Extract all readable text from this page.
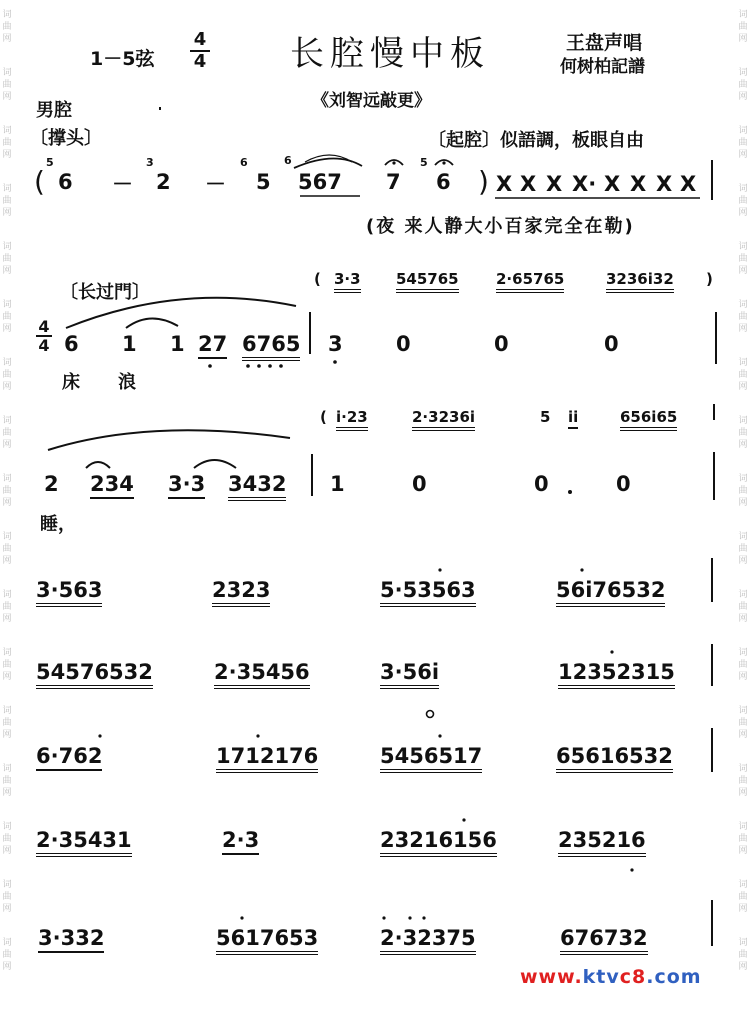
词
曲
网
词
曲
网
词
曲
网
词
曲
网
词
曲
网
词
曲
网
词
曲
网
词
曲
网
词
曲
网
词
曲
网
词
曲
网
词
曲
网
词
曲
网
词
曲
网
词
曲
网
词
曲
网
词
曲
网
词
曲
网
词
曲
网
词
曲
网
词
曲
网
词
曲
网
词
曲
网
词
曲
网
词
曲
网
词
曲
网
词
曲
网
词
曲
网
词
曲
网
词
曲
网
词
曲
网
词
曲
网
词
曲
网
词
曲
网
1－5弦 $\frac{4}{4}$ 长腔慢中板
《刘智远敲更》
王盘声唱
何树柏記譜
男腔
〔撑头〕	〔起腔〕似語調，板眼自由
(
5
6 －
3
2 －
6
5
6
567 7
5
6 ) X X X X· X X X X
(夜 来人静大小百家完全在勒)
〔长过門〕
( 3·3 545765 2·65765	3236i32 )
$\frac{4}{4} 6$ 1 1 27 6765 3	0	0	0
床 浪
( i·23	2·3236i	5 ii	656i65
2 234 3·3 3432 1	0	0	0
睡，
3·563	2323	5·53563	56i76532
54576532	2·35456	3·56i	12352315
6·762	1712176	5456517	65616532
2·35431	2·3	23216156	235216
3·332	5617653	2·32375	676732
www.ktvc8.com
